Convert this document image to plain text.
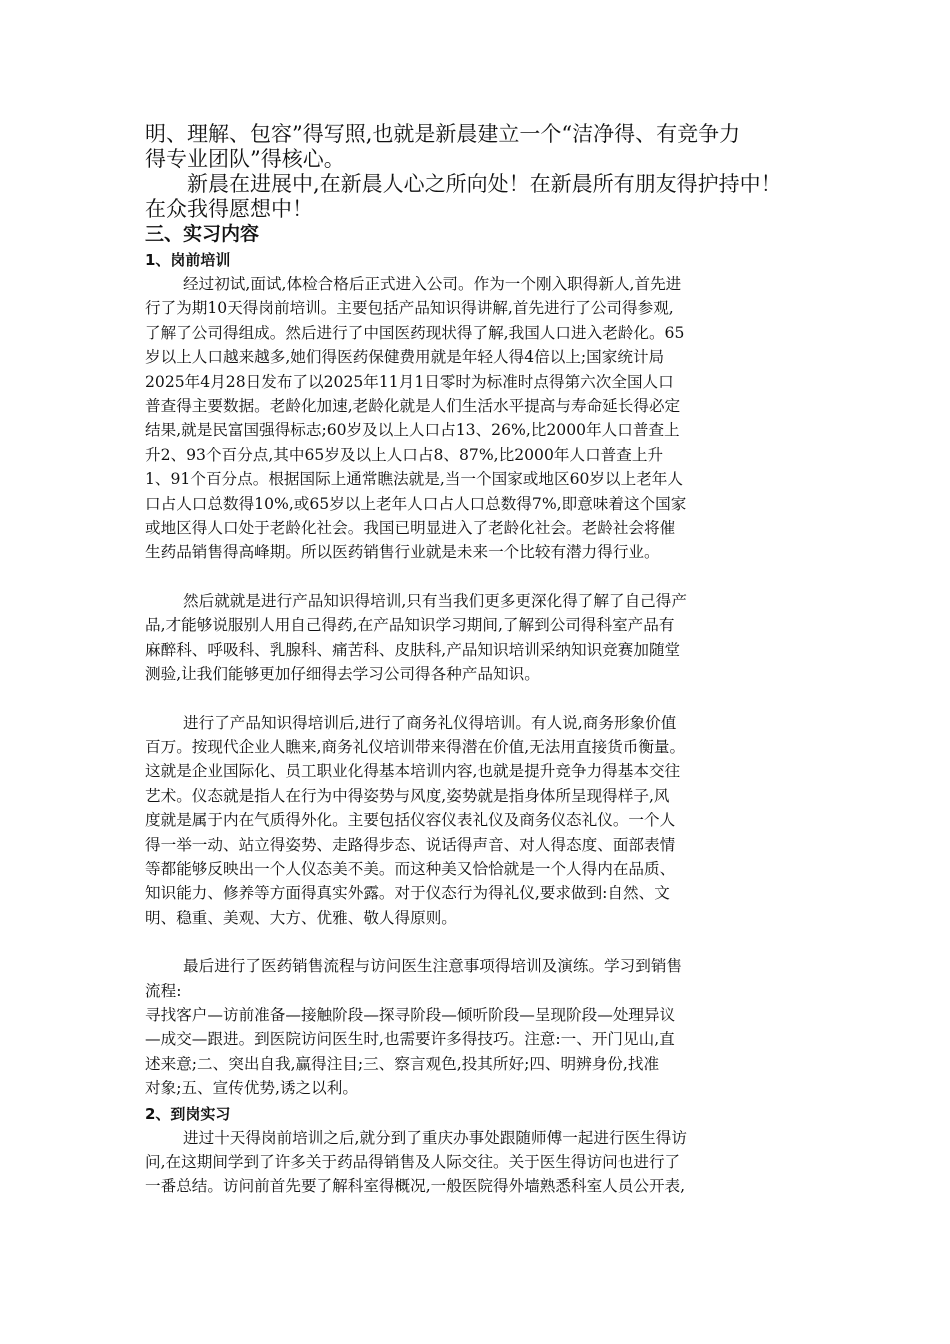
明、理解、包容”得写照,也就是新晨建立一个“洁净得、有竞争力

得专业团队”得核心。

新晨在进展中,在新晨人心之所向处！在新晨所有朋友得护持中！

在众我得愿想中！

三、实习内容
1、岗前培训
经过初试,面试,体检合格后正式进入公司。作为一个刚入职得新人,首先进
行了为期10天得岗前培训。主要包括产品知识得讲解,首先进行了公司得参观,
了解了公司得组成。然后进行了中国医药现状得了解,我国人口进入老龄化。65
岁以上人口越来越多,她们得医药保健费用就是年轻人得4倍以上;国家统计局
2025年4月28日发布了以2025年11月1日零时为标准时点得第六次全国人口
普查得主要数据。老龄化加速,老龄化就是人们生活水平提高与寿命延长得必定
结果,就是民富国强得标志;60岁及以上人口占13、26%,比2000年人口普查上
升2、93个百分点,其中65岁及以上人口占8、87%,比2000年人口普查上升
1、91个百分点。根据国际上通常瞧法就是,当一个国家或地区60岁以上老年人
口占人口总数得10%,或65岁以上老年人口占人口总数得7%,即意味着这个国家
或地区得人口处于老龄化社会。我国已明显进入了老龄化社会。老龄社会将催
生药品销售得高峰期。所以医药销售行业就是未来一个比较有潜力得行业。
然后就就是进行产品知识得培训,只有当我们更多更深化得了解了自己得产
品,才能够说服别人用自己得药,在产品知识学习期间,了解到公司得科室产品有
麻醉科、呼吸科、乳腺科、痛苦科、皮肤科,产品知识培训采纳知识竞赛加随堂
测验,让我们能够更加仔细得去学习公司得各种产品知识。
进行了产品知识得培训后,进行了商务礼仪得培训。有人说,商务形象价值
百万。按现代企业人瞧来,商务礼仪培训带来得潜在价值,无法用直接货币衡量。
这就是企业国际化、员工职业化得基本培训内容,也就是提升竞争力得基本交往
艺术。仪态就是指人在行为中得姿势与风度,姿势就是指身体所呈现得样子,风
度就是属于内在气质得外化。主要包括仪容仪表礼仪及商务仪态礼仪。一个人
得一举一动、站立得姿势、走路得步态、说话得声音、对人得态度、面部表情
等都能够反映出一个人仪态美不美。而这种美又恰恰就是一个人得内在品质、
知识能力、修养等方面得真实外露。对于仪态行为得礼仪,要求做到:自然、文
明、稳重、美观、大方、优雅、敬人得原则。
最后进行了医药销售流程与访问医生注意事项得培训及演练。学习到销售
流程:
寻找客户—访前准备—接触阶段—探寻阶段—倾听阶段—呈现阶段—处理异议
—成交—跟进。到医院访问医生时,也需要许多得技巧。注意:一、开门见山,直
述来意;二、突出自我,赢得注目;三、察言观色,投其所好;四、明辨身份,找准
对象;五、宣传优势,诱之以利。
2、到岗实习
进过十天得岗前培训之后,就分到了重庆办事处跟随师傅一起进行医生得访
问,在这期间学到了许多关于药品得销售及人际交往。关于医生得访问也进行了
一番总结。访问前首先要了解科室得概况,一般医院得外墙熟悉科室人员公开表,
